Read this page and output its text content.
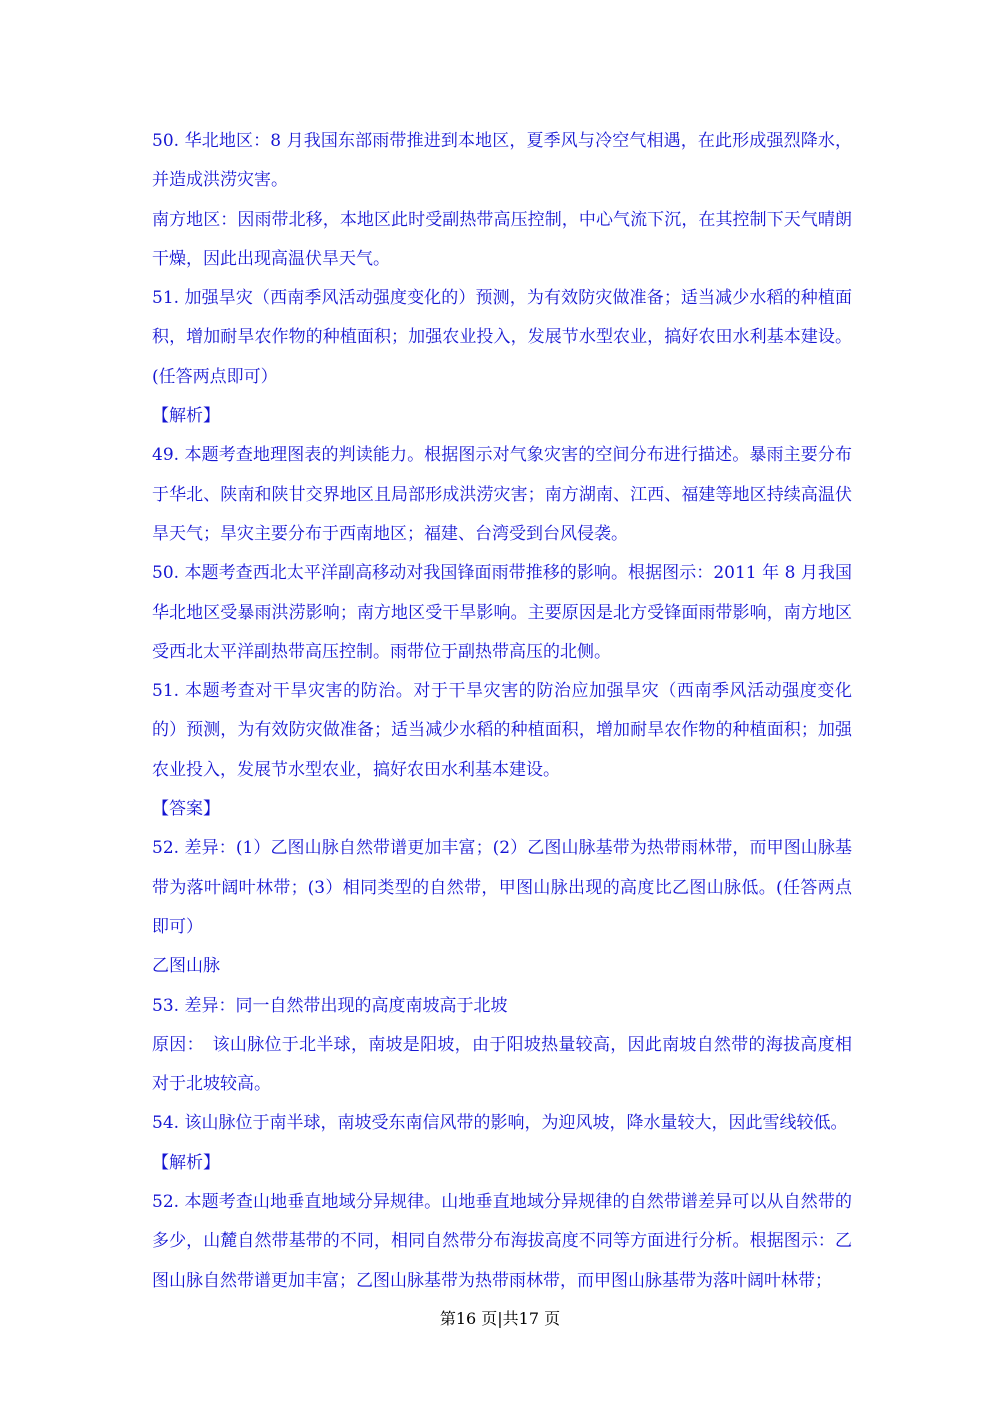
50. 华北地区：8 月我国东部雨带推进到本地区，夏季风与冷空气相遇，在此形成强烈降水，并造成洪涝灾害。

南方地区：因雨带北移，本地区此时受副热带高压控制，中心气流下沉，在其控制下天气晴朗干燥，因此出现高温伏旱天气。

51. 加强旱灾（西南季风活动强度变化的）预测，为有效防灾做准备；适当减少水稻的种植面积，增加耐旱农作物的种植面积；加强农业投入，发展节水型农业，搞好农田水利基本建设。(任答两点即可）

【解析】

49. 本题考查地理图表的判读能力。根据图示对气象灾害的空间分布进行描述。暴雨主要分布于华北、陕南和陕甘交界地区且局部形成洪涝灾害；南方湖南、江西、福建等地区持续高温伏旱天气；旱灾主要分布于西南地区；福建、台湾受到台风侵袭。

50. 本题考查西北太平洋副高移动对我国锋面雨带推移的影响。根据图示：2011 年 8 月我国华北地区受暴雨洪涝影响；南方地区受干旱影响。主要原因是北方受锋面雨带影响，南方地区受西北太平洋副热带高压控制。雨带位于副热带高压的北侧。

51. 本题考查对干旱灾害的防治。对于干旱灾害的防治应加强旱灾（西南季风活动强度变化的）预测，为有效防灾做准备；适当减少水稻的种植面积，增加耐旱农作物的种植面积；加强农业投入，发展节水型农业，搞好农田水利基本建设。

【答案】

52. 差异：(1）乙图山脉自然带谱更加丰富；(2）乙图山脉基带为热带雨林带，而甲图山脉基带为落叶阔叶林带；(3）相同类型的自然带，甲图山脉出现的高度比乙图山脉低。(任答两点即可）

乙图山脉

53. 差异：同一自然带出现的高度南坡高于北坡

原因：　该山脉位于北半球，南坡是阳坡，由于阳坡热量较高，因此南坡自然带的海拔高度相对于北坡较高。

54. 该山脉位于南半球，南坡受东南信风带的影响，为迎风坡，降水量较大，因此雪线较低。

【解析】

52. 本题考查山地垂直地域分异规律。山地垂直地域分异规律的自然带谱差异可以从自然带的多少，山麓自然带基带的不同，相同自然带分布海拔高度不同等方面进行分析。根据图示：乙图山脉自然带谱更加丰富；乙图山脉基带为热带雨林带，而甲图山脉基带为落叶阔叶林带；

第16 页|共17 页
